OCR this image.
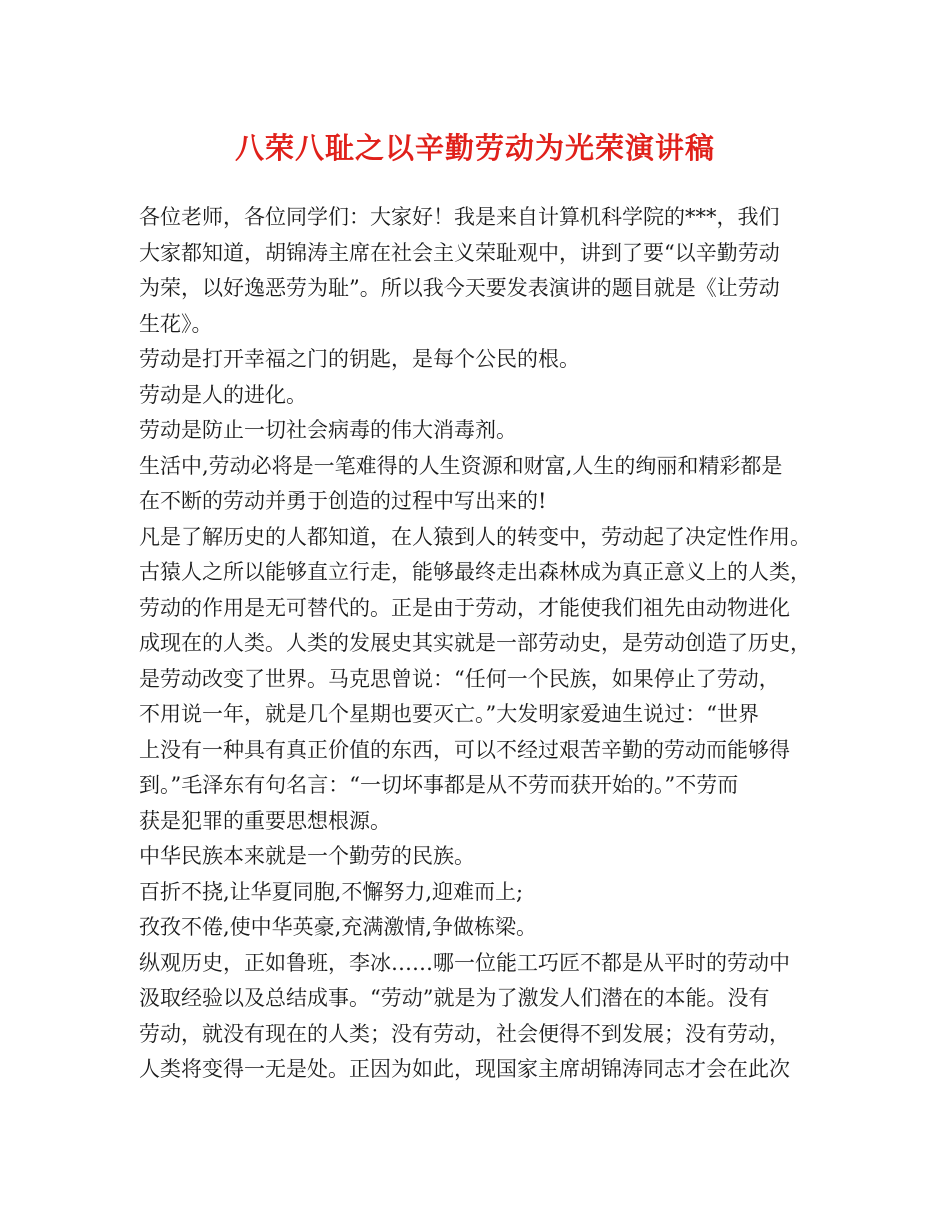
八荣八耻之以辛勤劳动为光荣演讲稿
各位老师，各位同学们：大家好！我是来自计算机科学院的***，我们
大家都知道，胡锦涛主席在社会主义荣耻观中，讲到了要“以辛勤劳动
为荣，以好逸恶劳为耻”。所以我今天要发表演讲的题目就是《让劳动
生花》。
劳动是打开幸福之门的钥匙，是每个公民的根。
劳动是人的进化。
劳动是防止一切社会病毒的伟大消毒剂。
生活中,劳动必将是一笔难得的人生资源和财富,人生的绚丽和精彩都是
在不断的劳动并勇于创造的过程中写出来的!
凡是了解历史的人都知道，在人猿到人的转变中，劳动起了决定性作用。
古猿人之所以能够直立行走，能够最终走出森林成为真正意义上的人类，
劳动的作用是无可替代的。正是由于劳动，才能使我们祖先由动物进化
成现在的人类。人类的发展史其实就是一部劳动史，是劳动创造了历史，
是劳动改变了世界。马克思曾说：“任何一个民族，如果停止了劳动，
不用说一年，就是几个星期也要灭亡。”大发明家爱迪生说过：“世界
上没有一种具有真正价值的东西，可以不经过艰苦辛勤的劳动而能够得
到。”毛泽东有句名言：“一切坏事都是从不劳而获开始的。”不劳而
获是犯罪的重要思想根源。
中华民族本来就是一个勤劳的民族。
百折不挠,让华夏同胞,不懈努力,迎难而上;
孜孜不倦,使中华英豪,充满激情,争做栋梁。
纵观历史，正如鲁班，李冰……哪一位能工巧匠不都是从平时的劳动中
汲取经验以及总结成事。“劳动”就是为了激发人们潜在的本能。没有
劳动，就没有现在的人类；没有劳动，社会便得不到发展；没有劳动，
人类将变得一无是处。正因为如此，现国家主席胡锦涛同志才会在此次
